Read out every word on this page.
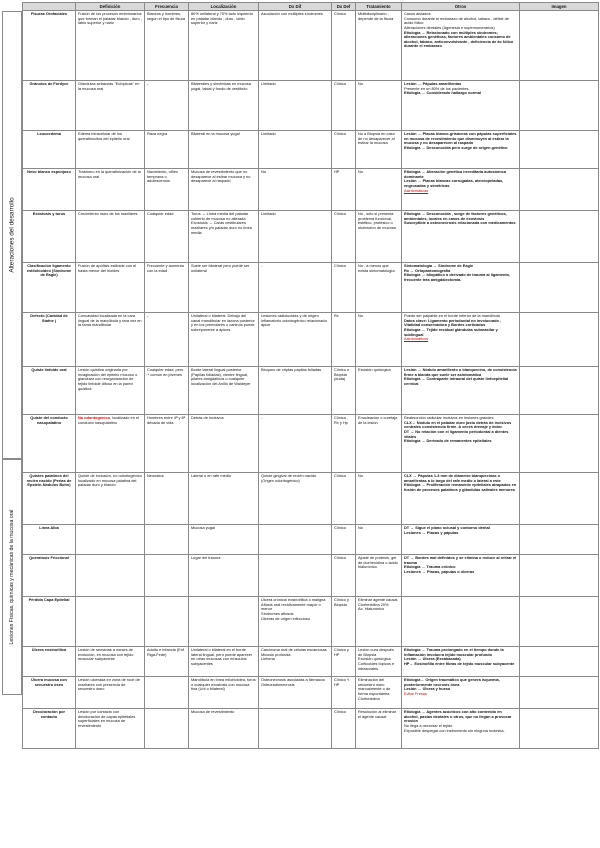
Alteraciones del desarrollo
Lesiones Físicas, químicas y mecánicas de la mucosa oral
	Definición	Frecuencia	Localización	Dx Dif	Dx Def	Tratamiento	Otros	Imagen
Fisuras Orofaciales	Fusión de los procesos embrionarios que forman el paladar blando , duro , labio superior y nariz	Blancos y hombres, según el tipo de fisura	80% unilateral y 70% lado izquierdo en paladar blando , duro , labio superior y nariz	Asociación con múltiples síndromes	Clínico	Multidisciplinario , depende de la fisura	Casos aislados:
Consumo durante el embarazo de alcohol, tabaco , déficit de ácido fólico
Alteraciones dentales (Agenesia e supernumerarios)
Etiología → Relacionado con múltiples síndromes; alteraciones genéticas, factores ambientales consumo de alcohol, tabaco, anticonvulsivante , deficiencia de ác fólico durante el embarazo	

Gránulos de Fordyce	Glándulas sebáceas "Ectópicas" en la mucosa oral	-	Bilaterales y simétricas en mucosa yugal, labial y fondo de vestíbulo	Limitado	Clínico	No	Lesión → Pápulas amarillentas
Presente en un 80% de los pacientes
Etiología → Considerado hallazgo normal	

Leucoedema	Edema intracelular de los queratinocitos del epitelio oral	Raza negra	Bilateral en la mucosa yugal	Limitado	Clínico	No a Biopsia en caso de no desaparecer al estirar la mucosa	Lesión → Placas blanco-grisáceas con pápulas superficiales en mucosa de revestimiento que disminuyen al estirar la mucosa y no desaparecen al raspado
Etiología → Desconocida pero surge de origen genético	

Nevo blanco esponjoso	Trastorno en la queratinización de la mucosa oral	Nacimiento, niñez temprana o adolescencia	Mucosa de revestimiento que no desaparece al estirar mucosa y no desaparece al raspado	No	HP	No	Etiología → Alteración genética hereditaria autosómica dominante
Lesión → Placas blancas corrugadas, aterciopeladas, engrosadas y simétricas
Asintomáticas	

Exóstosis y torus	Crecimiento óseo de los maxilares	Cualquier edad	Torus → Línea media del paladar cubierto de mucosa no alterada
Exostosis → Caras vestibulares maxilares y/o paladar duro no línea media	Limitado	Clínico	No , solo si presenta problema funcional, estético, protésico o ulceración de mucosa	Etiología → Desconocida , surge de factores genéticos, ambientales, locales en casos de exostosis
Susceptible a osteonecrosis relacionada con medicamentos	

Clasificación ligamento estilohioideo (Síndrome de Eagle)	Fusión de apófisis estiloide con el hasta menor del hioides	Frecuente y aumenta con la edad	Suele ser bilateral pero puede ser unilateral	-	Clínico	No , a menos que exista sintomatología.	Sintomatología → Síndrome de Eagle
Rx → Ortopantomografía
Etiología → Idiopático o derivado de trauma al ligamento, frecuente tras amigdalectomía.	

Defecto (Cavidad de Stafne )	Concavidad localizada en la cara lingual de la mandíbula y rara vez en la rama mandibular	-	Unilateral o bilateral. Debajo del canal mandibular en lazona posterior y en los premolares o caninos puede sobreponerse a ápices	Lesiones radiolucidas y de origen inflamatorio odontogénico relacionado ápice	Rx	No	Puede ser palpable en el borde inferior de la mandíbula
Datos clave: Ligamento periodontal no involucrado , Vitalidad conservadora y Bordes corticados
Etiología → Tejido residual glándulas submaxilar y sublingual
Asintomáticos	

Quiste linfoide oral	Lesión quística originada por invaginación del epitelio mucoso o glandular con reorganización de tejido linfoide difuso en la pared quística	Cualquier edad, pero + común en jóvenes	Borde lateral lingual posterior (Papilas foliadas), vientre lingual, pilares amigdalinos o cualquier localización del Anillo de Waldeyer	Bloqueo de criptas papilas foliadas	Clínico o Biopsia (duda)	Excisión quirúrgica	Lesión → Nódulo amarillento o blanquecino, de consistencia firme a blanda que suele ser asintomática
Etiología → Contraparte intraoral del quiste linfoepitelial cervical	

Quiste del conducto nasopalatino	No odontogénico, localizado en el conducto nasopalatino	Hombres entre 4ª y 6ª década de vida	Detrás de incisivos	-	Clínico , Rx y Hp	Enucleación o curetaje de la lesión	Reabsorción radicular incisivos en lesiones grandes
CLX→ Nódulo en el paladar duro justo detrás de incisivos centrales consistencia firme. A veces drenaje y dolor.
DT → No relación con el ligamento periodontal a dientes vitales
Etiología → Derivado de remanentes epiteliales	

Quistes palatinos del recién nacido (Perlas de Epstein-Nódulos Bohn)	Quiste de inclusión, no odontogénico localizado en mucosa palatina del paladar duro y blando	Neonatos	Lateral o en rafe medio	Quiste gingival de recién nacido (Origen odontogénico)	Clínico	No	CLX → Pápulas 1-3 mm de diámetro blanquecinas o amarillentas a lo largo del rafe medio o lateral a este
Etiología → Proliferación remanente epiteliales atrapados en fusión de procesos palatinos y glándulas salivales menores	

Línea Alba			Mucosa yugal		Clínico	No	DT → Sigue el plano oclusal y contorno dental
Lesiones → Placas y pápulas	

Queratosis Friccional			Lugar del trauma		Clínico	Ajuste de prótesis, gel de clorhexidina o ácido hialurónico.	DT → Bordes mal definidos y se elimina o reduce al retirar el trauma
Etiología → Trauma crónico
Lesiones → Placas, pápulas o úlceras	

Pérdida Capa Epitelial				Úlcera crónica/ eosinofílica o maligna
Aftosis oral recidivamente mayor o menor
Síndromes aftosos
Úlceras de origen infeccioso	Clínico y Biopsia	Eliminar agente causal
Clorhexidina 20%
Ac. Hialurónico		
Úlcera eosinofílica	Lesión de semanas a meses de evolución, en mucosa con tejido muscular subyacente	Adulto e infancia (Enf Riga-Fede)	Unilateral o bilateral en el borde lateral lingual, pero puede aparecer en otras mucosas con músculos subyacentes	Carcinoma oral de células escamosas
Micosis profunda
Linfoma	Clínico y HP	Lesión cura después de Biopsia
Excisión quirúrgica
Corticoides tópicos e intrasorales	Etiología → Trauma prolongado en el tiempo donde la inflamación involucra tejido muscular profundo
Lesión → Úlcera (Excabacada)
HP→ Eosinofilia entre fibras de tejido muscular subyacente	

Úlcera mucosa con secuestro óseo	Lesión ulcerada en zona de roce de maxilares con presencia de secuestro óseo		Mandíbula en línea milohioidea, torus o cualquier exostosis con mucosa fina (Uni o bilateral)	Osteonecrosis asociadas a fármacos
Osteoradionecrosis	Clínico Y HP	Eliminación del secuestro óseo manualmente o de forma espontánea
Clorhexidina	Etiología→ Origen traumático que genera isquemia, posteriormente necrosis ósea
Lesión → Úlcera y hueso
Evitar Fresas	

Decoloración por contacto	Lesión por contacto con decoloración de capas epiteliales superficiales en mucosa de revestimiento		Mucosa de revestimiento		Clínico	Resolución al eliminar el agente causal	Etiología → Agentes azúcticos con alto contenido en alcohol, pastas dentales u otros, que no llegan a provocar erosión
No llega a necrosar el tejido
Exposible despegar con instrumento sin ninguna molestia.	
